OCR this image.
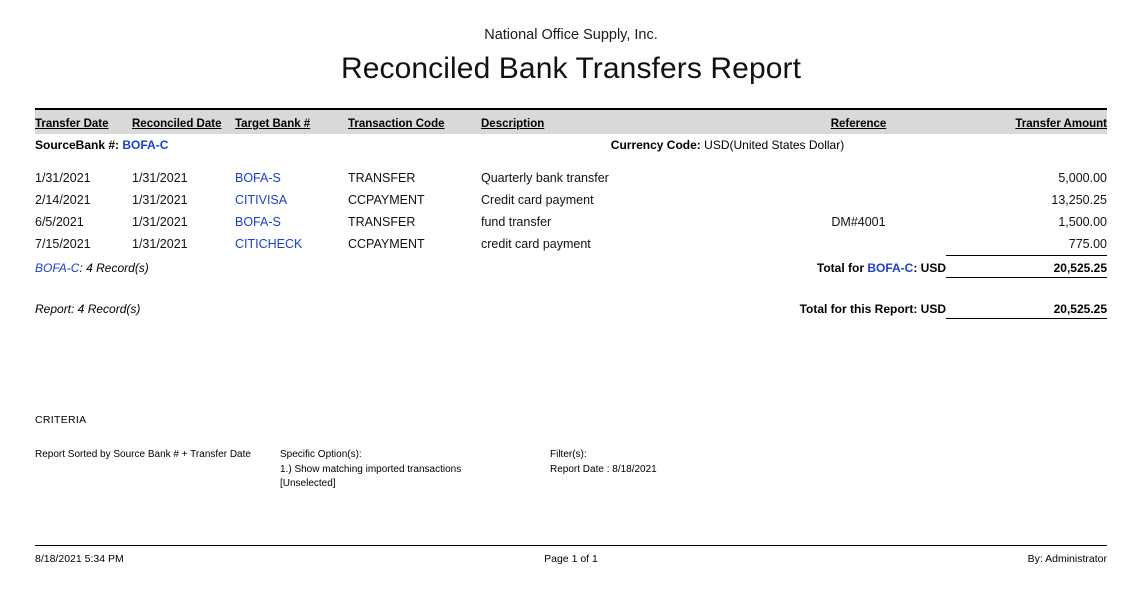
National Office Supply, Inc.
Reconciled Bank Transfers Report
Transfer Date	Reconciled Date	Target Bank #	Transaction Code	Description	Reference	Transfer Amount
SourceBank #: BOFA-C			Currency Code: USD(United States Dollar)			

1/31/2021	1/31/2021	BOFA-S	TRANSFER	Quarterly bank transfer		5,000.00
2/14/2021	1/31/2021	CITIVISA	CCPAYMENT	Credit card payment		13,250.25
6/5/2021	1/31/2021	BOFA-S	TRANSFER	fund transfer	DM#4001	1,500.00
7/15/2021	1/31/2021	CITICHECK	CCPAYMENT	credit card payment		775.00
BOFA-C: 4 Record(s)			Total for BOFA-C: USD			20,525.25

Report: 4 Record(s)			Total for this Report: USD			20,525.25
CRITERIA
Report Sorted by Source Bank # + Transfer Date	Specific Option(s):
1.) Show matching imported transactions
[Unselected]
Filter(s):
Report Date : 8/18/2021
8/18/2021 5:34 PM	Page 1 of 1	By: Administrator
